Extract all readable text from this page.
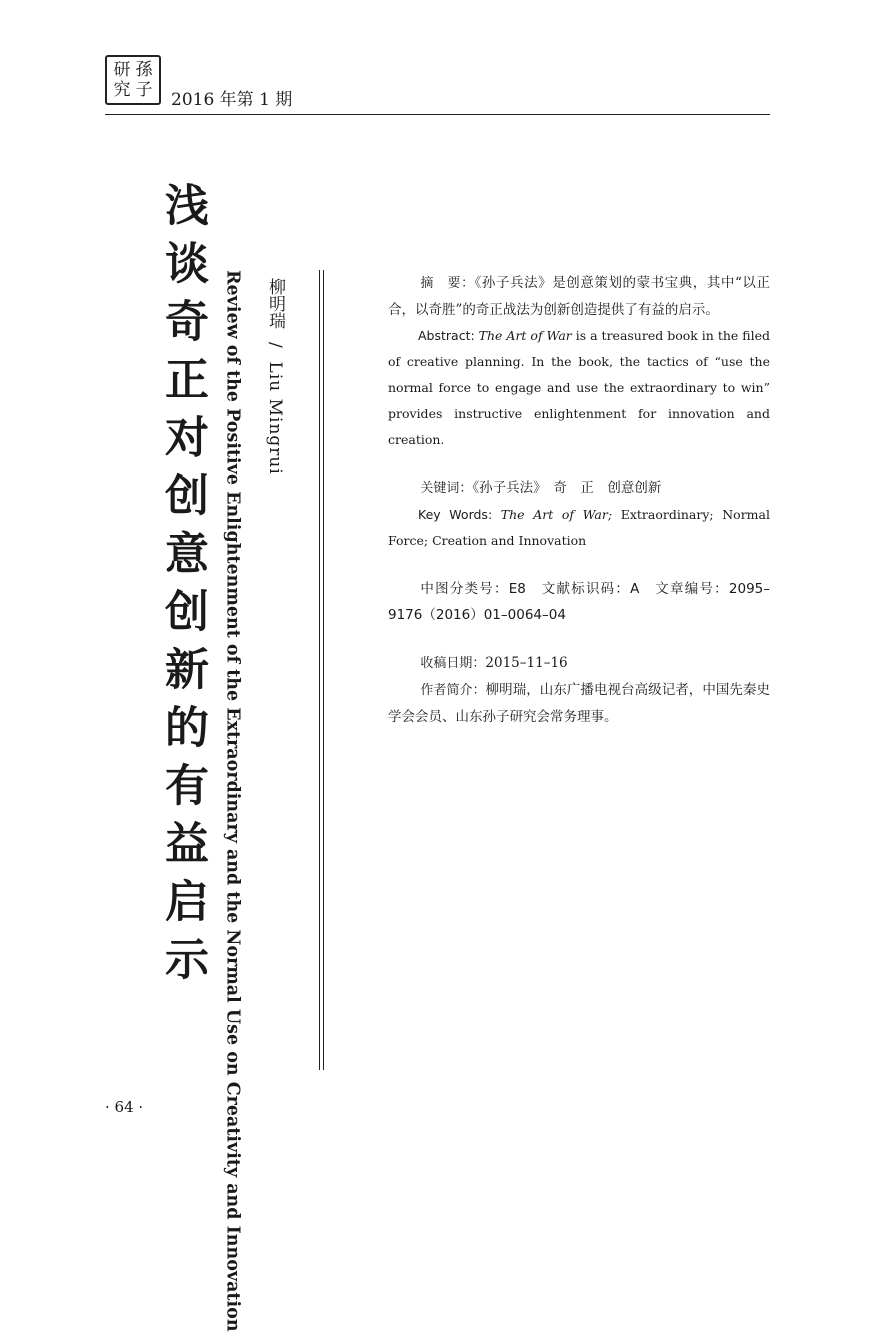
研 孫
究 子
2016 年第 1 期
浅谈奇正对创意创新的有益启示 Review of the Positive Enlightenment of the Extraordinary and the Normal Use on Creativity and Innovation 柳明瑞 / Liu Mingrui

摘　要：《孙子兵法》是创意策划的蒙书宝典，其中“以正合，以奇胜”的奇正战法为创新创造提供了有益的启示。

Abstract: The Art of War is a treasured book in the filed of creative planning. In the book, the tactics of “use the normal force to engage and use the extraordinary to win” provides instructive enlightenment for innovation and creation.

关键词：《孙子兵法》　奇　正　创意创新

Key Words: The Art of War; Extraordinary; Normal Force; Creation and Innovation

中图分类号：E8　文献标识码：A　文章编号：2095–9176（2016）01–0064–04

收稿日期：2015–11–16

作者简介：柳明瑞，山东广播电视台高级记者，中国先秦史学会会员、山东孙子研究会常务理事。

· 64 ·
